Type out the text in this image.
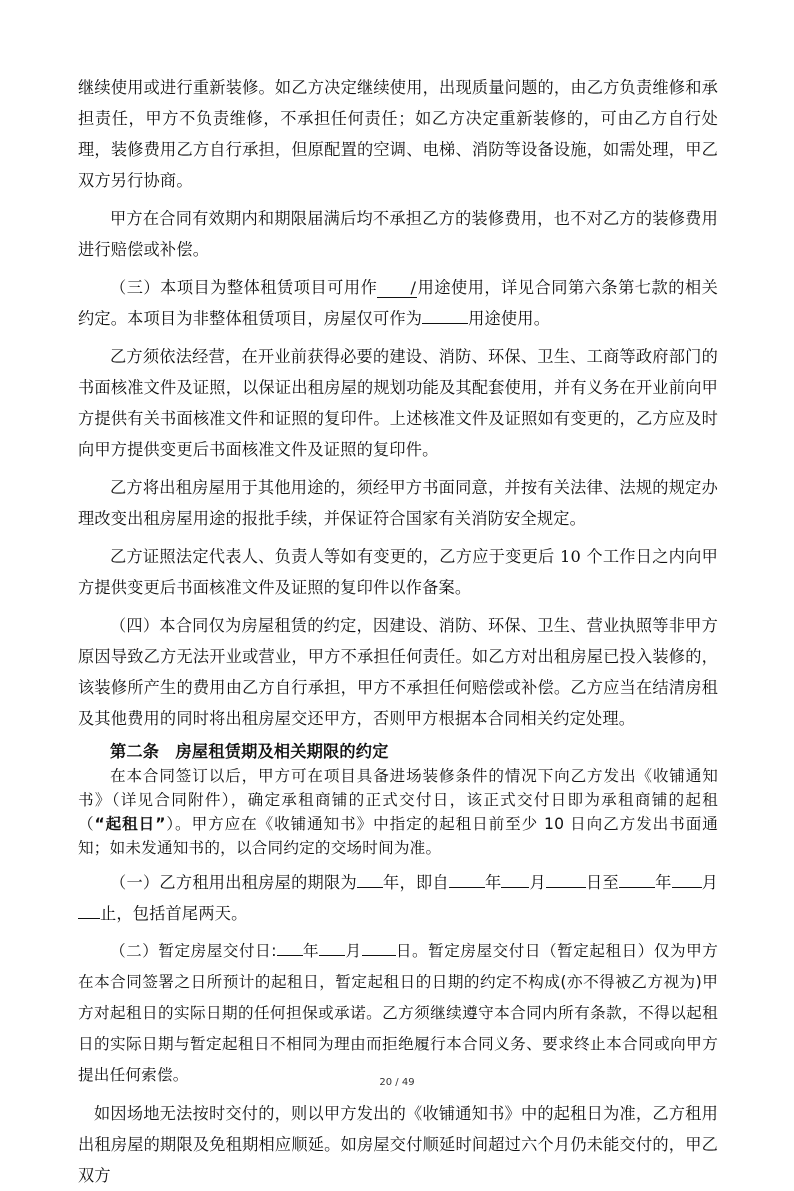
继续使用或进行重新装修。如乙方决定继续使用，出现质量问题的，由乙方负责维修和承担责任，甲方不负责维修，不承担任何责任；如乙方决定重新装修的，可由乙方自行处理，装修费用乙方自行承担，但原配置的空调、电梯、消防等设备设施，如需处理，甲乙双方另行协商。

甲方在合同有效期内和期限届满后均不承担乙方的装修费用，也不对乙方的装修费用进行赔偿或补偿。

（三）本项目为整体租赁项目可用作 /用途使用，详见合同第六条第七款的相关约定。本项目为非整体租赁项目，房屋仅可作为	用途使用。

乙方须依法经营，在开业前获得必要的建设、消防、环保、卫生、工商等政府部门的书面核准文件及证照，以保证出租房屋的规划功能及其配套使用，并有义务在开业前向甲方提供有关书面核准文件和证照的复印件。上述核准文件及证照如有变更的，乙方应及时向甲方提供变更后书面核准文件及证照的复印件。

乙方将出租房屋用于其他用途的，须经甲方书面同意，并按有关法律、法规的规定办理改变出租房屋用途的报批手续，并保证符合国家有关消防安全规定。

乙方证照法定代表人、负责人等如有变更的，乙方应于变更后 10 个工作日之内向甲方提供变更后书面核准文件及证照的复印件以作备案。

（四）本合同仅为房屋租赁的约定，因建设、消防、环保、卫生、营业执照等非甲方原因导致乙方无法开业或营业，甲方不承担任何责任。如乙方对出租房屋已投入装修的，该装修所产生的费用由乙方自行承担，甲方不承担任何赔偿或补偿。乙方应当在结清房租及其他费用的同时将出租房屋交还甲方，否则甲方根据本合同相关约定处理。

第二条　房屋租赁期及相关期限的约定

在本合同签订以后，甲方可在项目具备进场装修条件的情况下向乙方发出《收铺通知书》（详见合同附件），确定承租商铺的正式交付日，该正式交付日即为承租商铺的起租（“起租日”）。甲方应在《收铺通知书》中指定的起租日前至少 10 日向乙方发出书面通知；如未发通知书的，以合同约定的交场时间为准。

（一）乙方租用出租房屋的期限为 年，即自 年 月 日至 年 月止，包括首尾两天。

（二）暂定房屋交付日: 年 月 日。暂定房屋交付日（暂定起租日）仅为甲方在本合同签署之日所预计的起租日，暂定起租日的日期的约定不构成(亦不得被乙方视为)甲方对起租日的实际日期的任何担保或承诺。乙方须继续遵守本合同内所有条款，不得以起租日的实际日期与暂定起租日不相同为理由而拒绝履行本合同义务、要求终止本合同或向甲方提出任何索偿。

如因场地无法按时交付的，则以甲方发出的《收铺通知书》中的起租日为准，乙方租用出租房屋的期限及免租期相应顺延。如房屋交付顺延时间超过六个月仍未能交付的，甲乙双方

20 / 49
